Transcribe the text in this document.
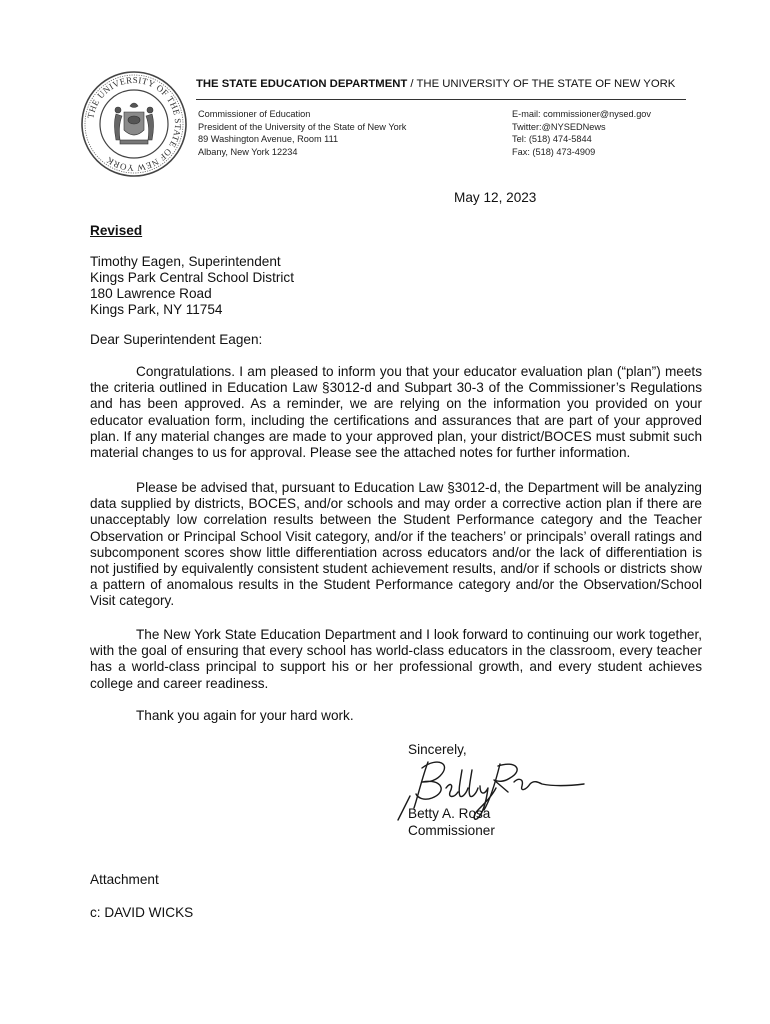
THE UNIVERSITY OF THE STATE OF NEW YORK
THE STATE EDUCATION DEPARTMENT / THE UNIVERSITY OF THE STATE OF NEW YORK
Commissioner of Education
President of the University of the State of New York
89 Washington Avenue, Room 111
Albany, New York 12234
E-mail: commissioner@nysed.gov
Twitter:@NYSEDNews
Tel: (518) 474-5844
Fax: (518) 473-4909
May 12, 2023
Revised
Timothy Eagen, Superintendent
Kings Park Central School District
180 Lawrence Road
Kings Park, NY 11754
Dear Superintendent Eagen:

Congratulations. I am pleased to inform you that your educator evaluation plan (“plan”) meets the criteria outlined in Education Law §3012-d and Subpart 30-3 of the Commissioner’s Regulations and has been approved. As a reminder, we are relying on the information you provided on your educator evaluation form, including the certifications and assurances that are part of your approved plan. If any material changes are made to your approved plan, your district/BOCES must submit such material changes to us for approval. Please see the attached notes for further information.

Please be advised that, pursuant to Education Law §3012-d, the Department will be analyzing data supplied by districts, BOCES, and/or schools and may order a corrective action plan if there are unacceptably low correlation results between the Student Performance category and the Teacher Observation or Principal School Visit category, and/or if the teachers’ or principals’ overall ratings and subcomponent scores show little differentiation across educators and/or the lack of differentiation is not justified by equivalently consistent student achievement results, and/or if schools or districts show a pattern of anomalous results in the Student Performance category and/or the Observation/School Visit category.

The New York State Education Department and I look forward to continuing our work together, with the goal of ensuring that every school has world-class educators in the classroom, every teacher has a world-class principal to support his or her professional growth, and every student achieves college and career readiness.

Thank you again for your hard work.
Sincerely,
Betty A. Rosa
Commissioner
Attachment
c: DAVID WICKS
